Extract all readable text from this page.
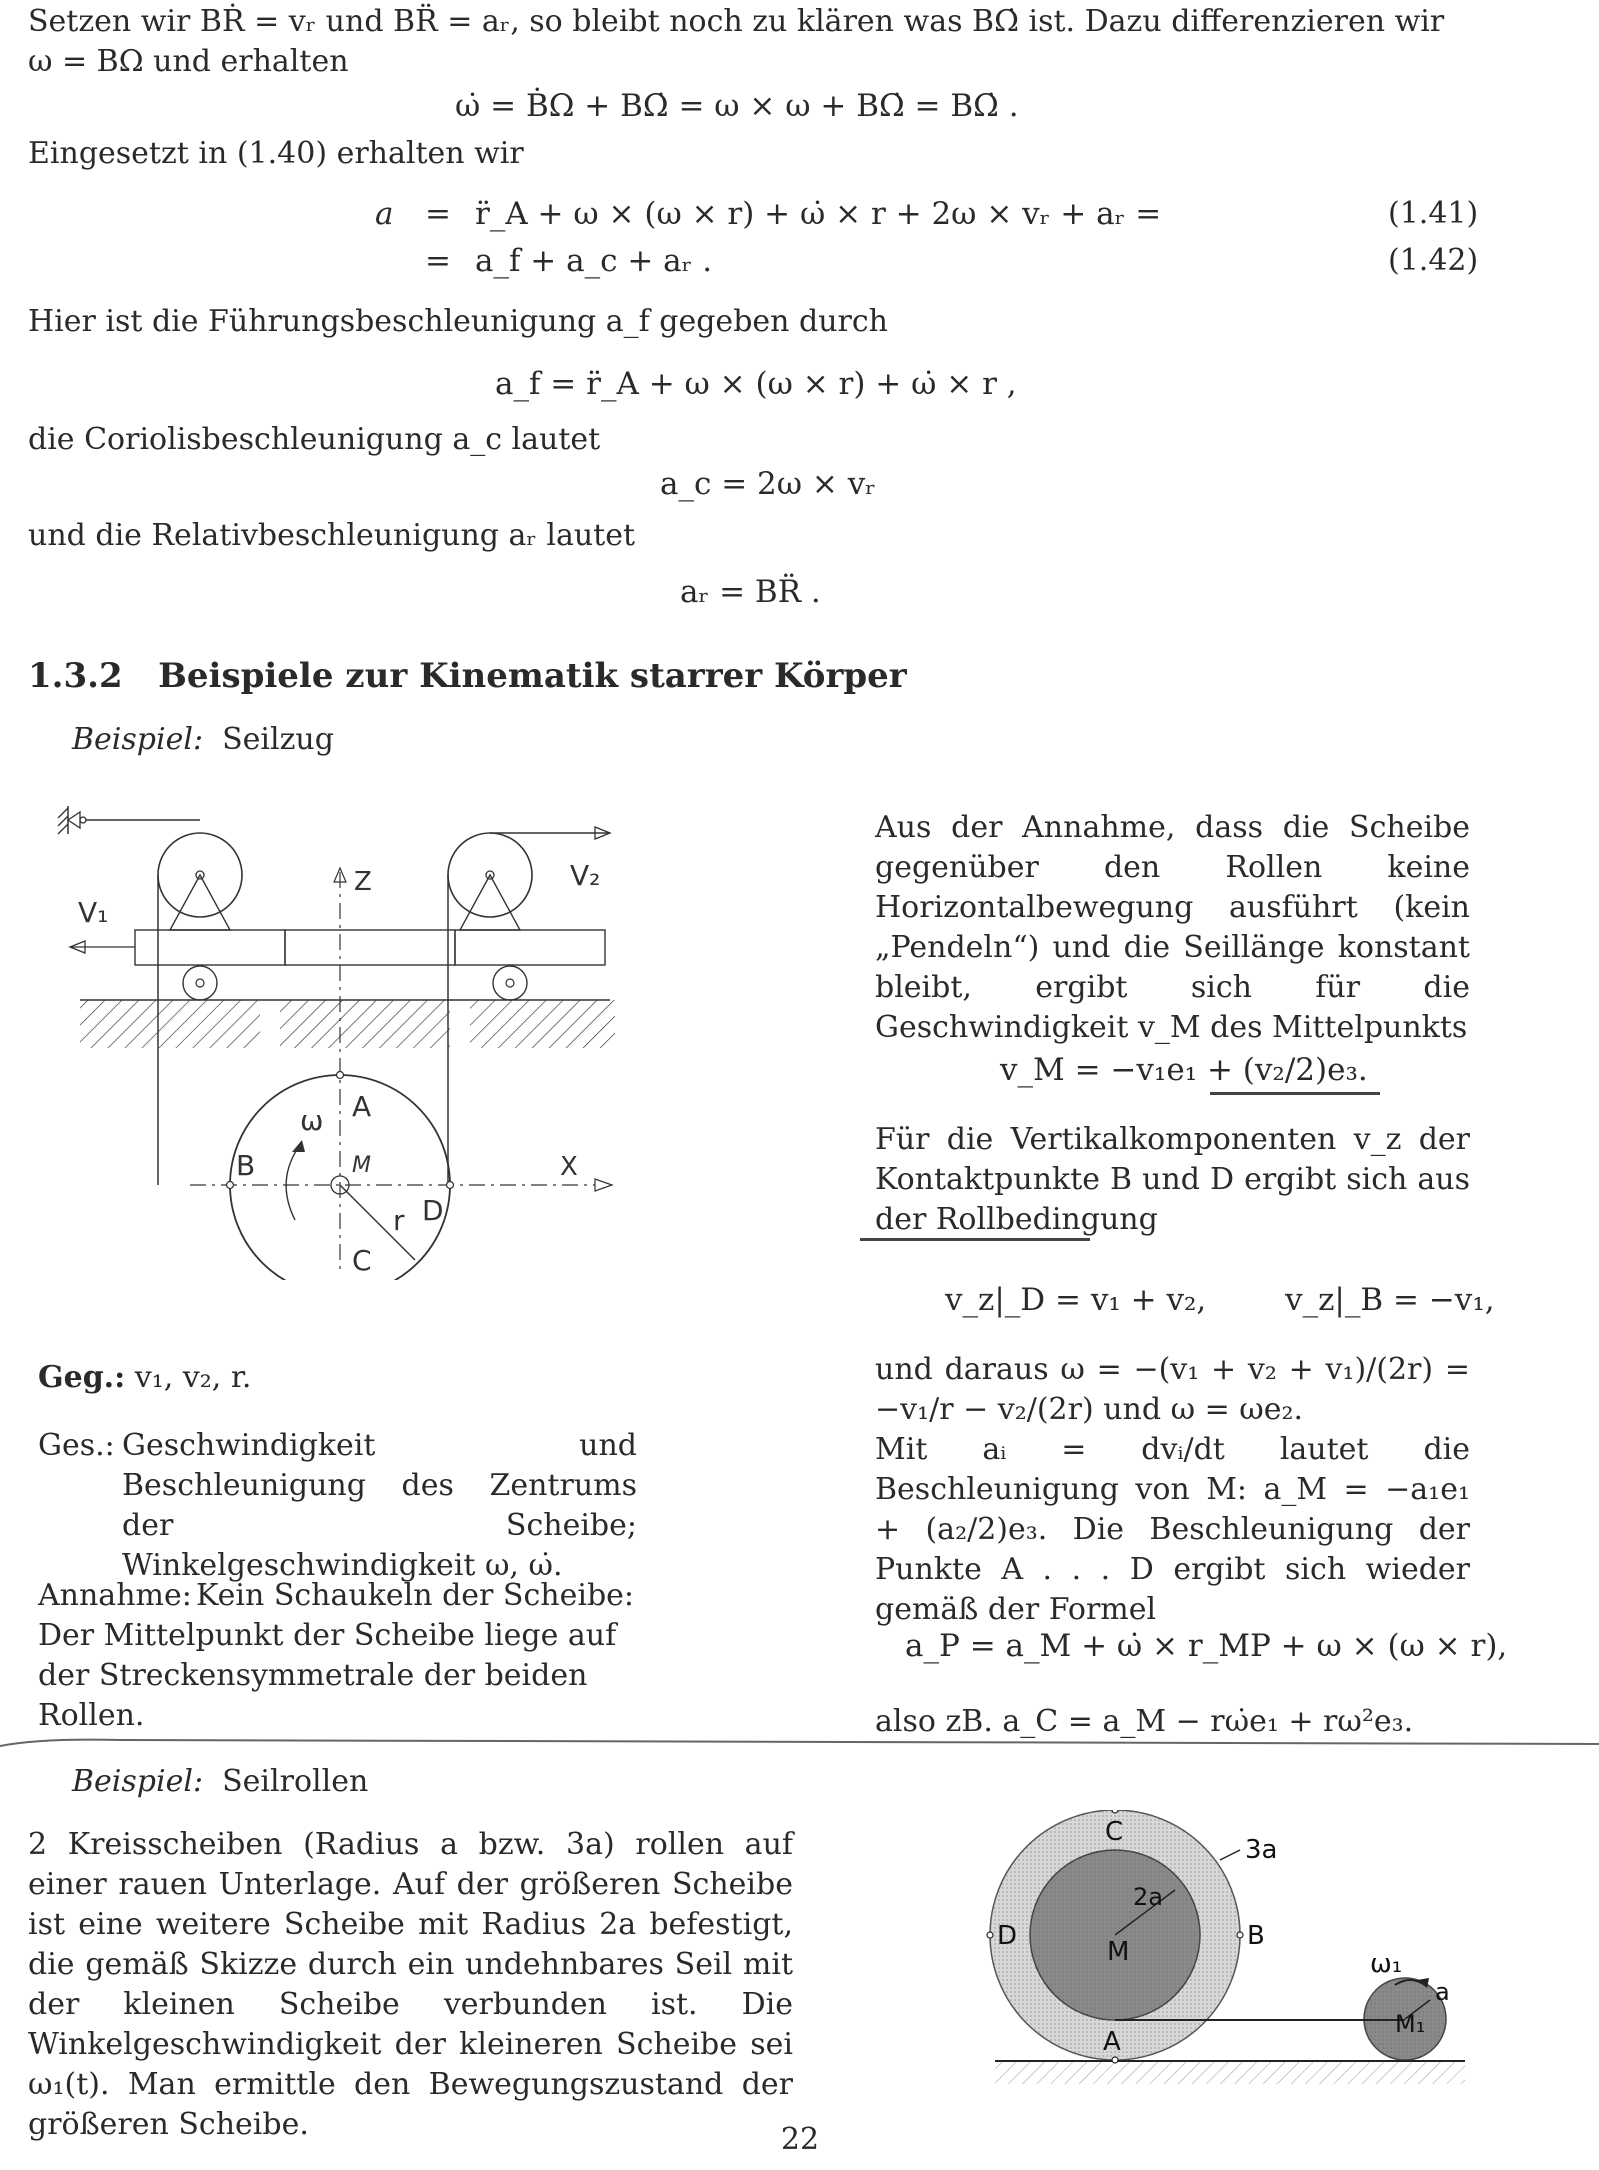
Setzen wir BṘ = vᵣ und BR̈ = aᵣ, so bleibt noch zu klären was BΩ̇ ist. Dazu differenzieren wir
ω = BΩ und erhalten
ω̇ = ḂΩ + BΩ̇ = ω × ω + BΩ̇ = BΩ̇ .
Eingesetzt in (1.40) erhalten wir
a = r̈_A + ω × (ω × r) + ω̇ × r + 2ω × vᵣ + aᵣ =	(1.41)
= a_f + a_c + aᵣ .	(1.42)
Hier ist die Führungsbeschleunigung a_f gegeben durch
a_f = r̈_A + ω × (ω × r) + ω̇ × r ,
die Coriolisbeschleunigung a_c lautet
a_c = 2ω × vᵣ
und die Relativbeschleunigung aᵣ lautet
aᵣ = BR̈ .
1.3.2 Beispiele zur Kinematik starrer Körper
Beispiel: Seilzug
V₁
V₂
Z
X
A
B
C
D
r
ω
M
Aus der Annahme, dass die Scheibe gegenüber den Rollen keine Horizontalbewegung ausführt (kein „Pendeln“) und die Seillänge konstant bleibt, ergibt sich für die Geschwindigkeit v_M des Mittelpunkts
v_M = −v₁e₁ + (v₂/2)e₃.
Für die Vertikalkomponenten v_z der Kontaktpunkte B und D ergibt sich aus der Rollbedingung
v_z|_D = v₁ + v₂,        v_z|_B = −v₁,
und daraus ω = −(v₁ + v₂ + v₁)/(2r) = −v₁/r − v₂/(2r) und ω = ωe₂.
Mit aᵢ = dvᵢ/dt lautet die Beschleunigung von M: a_M = −a₁e₁ + (a₂/2)e₃. Die Beschleunigung der Punkte A . . . D ergibt sich wieder gemäß der Formel
a_P = a_M + ω̇ × r_MP + ω × (ω × r),
also zB. a_C = a_M − rω̇e₁ + rω²e₃.
Geg.: v₁, v₂, r.
Ges.: Geschwindigkeit und Beschleunigung des Zentrums der Scheibe; Winkelgeschwindigkeit ω, ω̇.
Annahme: Kein Schaukeln der Scheibe: Der Mittelpunkt der Scheibe liege auf der Streckensymmetrale der beiden Rollen.
Beispiel: Seilrollen
2 Kreisscheiben (Radius a bzw. 3a) rollen auf einer rauen Unterlage. Auf der größeren Scheibe ist eine weitere Scheibe mit Radius 2a befestigt, die gemäß Skizze durch ein undehnbares Seil mit der kleinen Scheibe verbunden ist. Die Winkelgeschwindigkeit der kleineren Scheibe sei ω₁(t). Man ermittle den Bewegungszustand der größeren Scheibe.
C
3a
2a
D	B
M
A
ω₁
a
M₁
22
